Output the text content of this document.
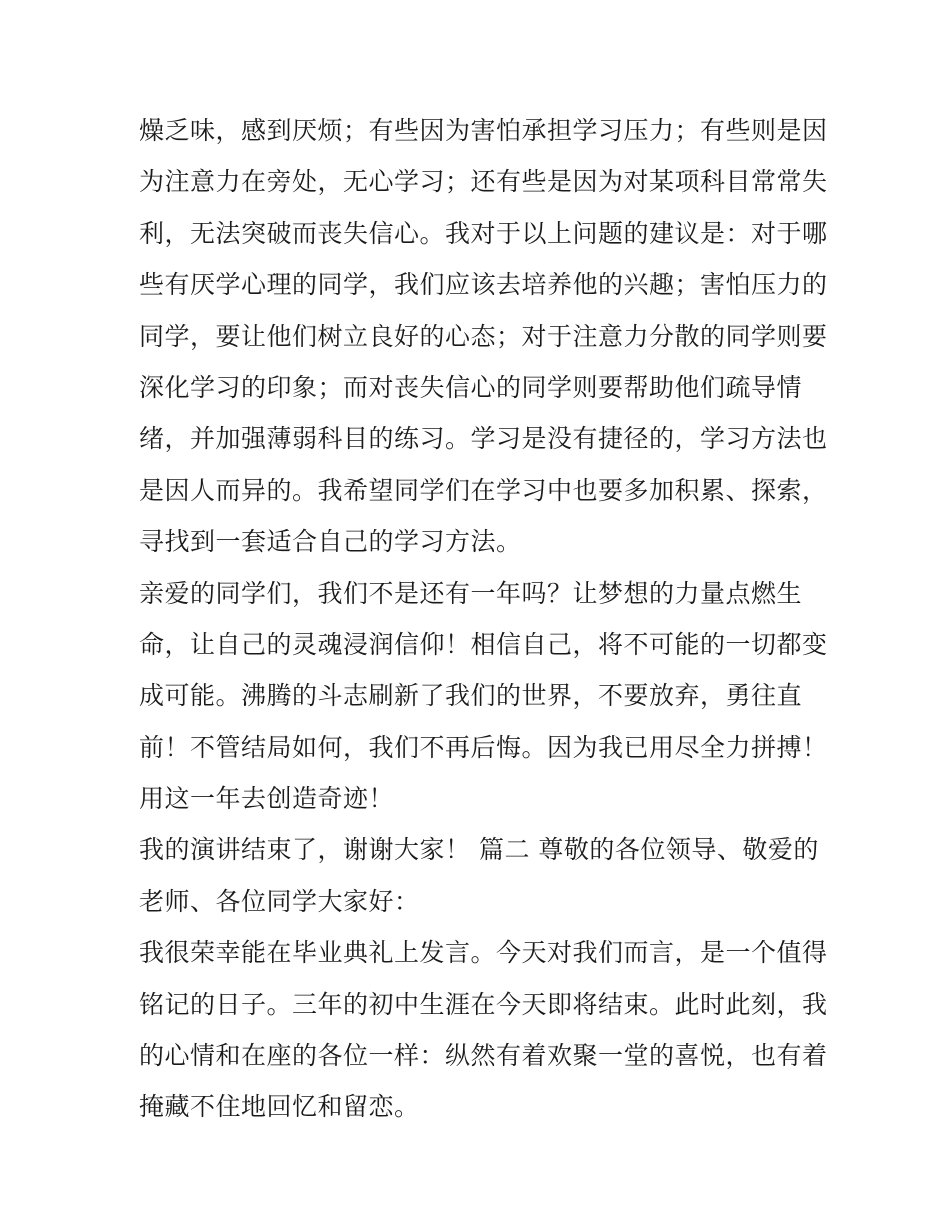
燥乏味，感到厌烦；有些因为害怕承担学习压力；有些则是因
为注意力在旁处，无心学习；还有些是因为对某项科目常常失
利，无法突破而丧失信心。我对于以上问题的建议是：对于哪
些有厌学心理的同学，我们应该去培养他的兴趣；害怕压力的
同学，要让他们树立良好的心态；对于注意力分散的同学则要
深化学习的印象；而对丧失信心的同学则要帮助他们疏导情
绪，并加强薄弱科目的练习。学习是没有捷径的，学习方法也
是因人而异的。我希望同学们在学习中也要多加积累、探索，
寻找到一套适合自己的学习方法。
亲爱的同学们，我们不是还有一年吗？让梦想的力量点燃生
命，让自己的灵魂浸润信仰！相信自己，将不可能的一切都变
成可能。沸腾的斗志刷新了我们的世界，不要放弃，勇往直
前！不管结局如何，我们不再后悔。因为我已用尽全力拼搏！
用这一年去创造奇迹！
我的演讲结束了，谢谢大家！ 篇二 尊敬的各位领导、敬爱的
老师、各位同学大家好：
我很荣幸能在毕业典礼上发言。今天对我们而言，是一个值得
铭记的日子。三年的初中生涯在今天即将结束。此时此刻，我
的心情和在座的各位一样：纵然有着欢聚一堂的喜悦，也有着
掩藏不住地回忆和留恋。
